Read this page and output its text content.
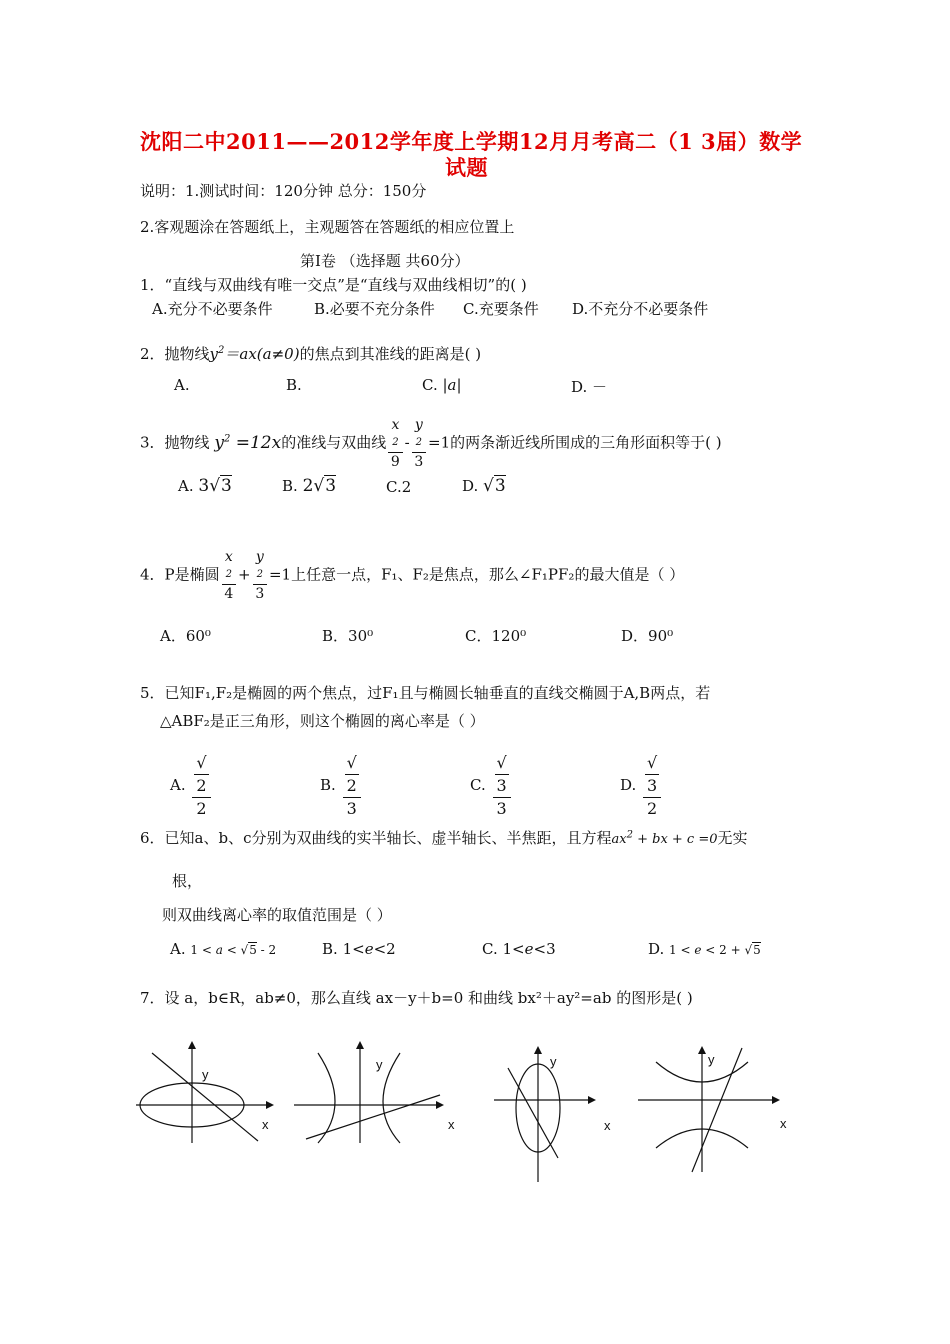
沈阳二中2011——2012学年度上学期12月月考高二（1 3届）数学
试题
说明：1.测试时间：120分钟 总分：150分
2.客观题涂在答题纸上，主观题答在答题纸的相应位置上
第Ⅰ卷 （选择题 共60分）
1．“直线与双曲线有唯一交点”是“直线与双曲线相切”的( )
A.充分不必要条件	B.必要不充分条件 C.充要条件 D.不充分不必要条件
2．抛物线$y^2=ax(a\ne 0)$的焦点到其准线的距离是( )
A.	B.	C. |a|	D. －
3．抛物线 $y^2 =12x$的准线与双曲线 x
2
9 - y
2
3 =1的两条渐近线所围成的三角形面积等于( )
A. 3√3	B. 2√3	C.2	D. √3
4．P是椭圆 x
2
4 + y
2
3 =1上任意一点，F₁、F₂是焦点，那么∠F₁PF₂的最大值是（ ）
A．60⁰	B．30⁰	C．120⁰	D．90⁰
5．已知F₁,F₂是椭圆的两个焦点，过F₁且与椭圆长轴垂直的直线交椭圆于A,B两点，若
△ABF₂是正三角形，则这个椭圆的离心率是（ ）
A. √
2
2	B. √
2
3	C. √
3
3	D. √
3
2
6．已知a、b、c分别为双曲线的实半轴长、虚半轴长、半焦距，且方程$ax^2$ + bx + c =0无实
根，
则双曲线离心率的取值范围是（ ）
A. 1 < a < √5 - 2	B. 1<e<2	C. 1<e<3	D. 1 < e < 2 + √5
7．设 a，b∈R，ab≠0，那么直线 ax－y＋b=0 和曲线 bx²＋ay²=ab 的图形是( )
y
x
y
x
y
x
y
x
